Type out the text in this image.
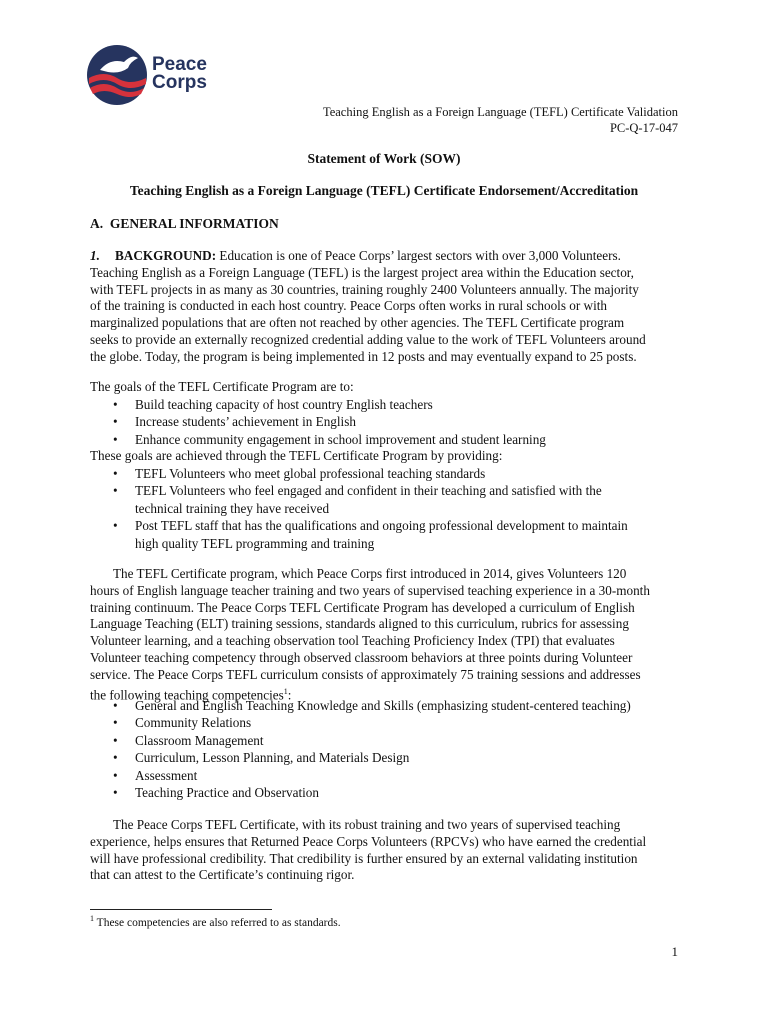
Peace
Corps
Teaching English as a Foreign Language (TEFL) Certificate Validation
PC-Q-17-047
Statement of Work (SOW)
Teaching English as a Foreign Language (TEFL) Certificate Endorsement/Accreditation
A.  GENERAL INFORMATION
1. BACKGROUND: Education is one of Peace Corps’ largest sectors with over 3,000 Volunteers.
Teaching English as a Foreign Language (TEFL) is the largest project area within the Education sector,
with TEFL projects in as many as 30 countries, training roughly 2400 Volunteers annually. The majority
of the training is conducted in each host country. Peace Corps often works in rural schools or with
marginalized populations that are often not reached by other agencies. The TEFL Certificate program
seeks to provide an externally recognized credential adding value to the work of TEFL Volunteers around
the globe. Today, the program is being implemented in 12 posts and may eventually expand to 25 posts.
The goals of the TEFL Certificate Program are to:
• Build teaching capacity of host country English teachers
• Increase students’ achievement in English
• Enhance community engagement in school improvement and student learning
These goals are achieved through the TEFL Certificate Program by providing:
• TEFL Volunteers who meet global professional teaching standards
• TEFL Volunteers who feel engaged and confident in their teaching and satisfied with the
technical training they have received
• Post TEFL staff that has the qualifications and ongoing professional development to maintain
high quality TEFL programming and training
The TEFL Certificate program, which Peace Corps first introduced in 2014, gives Volunteers 120
hours of English language teacher training and two years of supervised teaching experience in a 30-month
training continuum. The Peace Corps TEFL Certificate Program has developed a curriculum of English
Language Teaching (ELT) training sessions, standards aligned to this curriculum, rubrics for assessing
Volunteer learning, and a teaching observation tool Teaching Proficiency Index (TPI) that evaluates
Volunteer teaching competency through observed classroom behaviors at three points during Volunteer
service. The Peace Corps TEFL curriculum consists of approximately 75 training sessions and addresses
the following teaching competencies$^1$:
• General and English Teaching Knowledge and Skills (emphasizing student-centered teaching)
• Community Relations
• Classroom Management
• Curriculum, Lesson Planning, and Materials Design
• Assessment
• Teaching Practice and Observation
The Peace Corps TEFL Certificate, with its robust training and two years of supervised teaching
experience, helps ensures that Returned Peace Corps Volunteers (RPCVs) who have earned the credential
will have professional credibility. That credibility is further ensured by an external validating institution
that can attest to the Certificate’s continuing rigor.
$^1$ These competencies are also referred to as standards.
1
